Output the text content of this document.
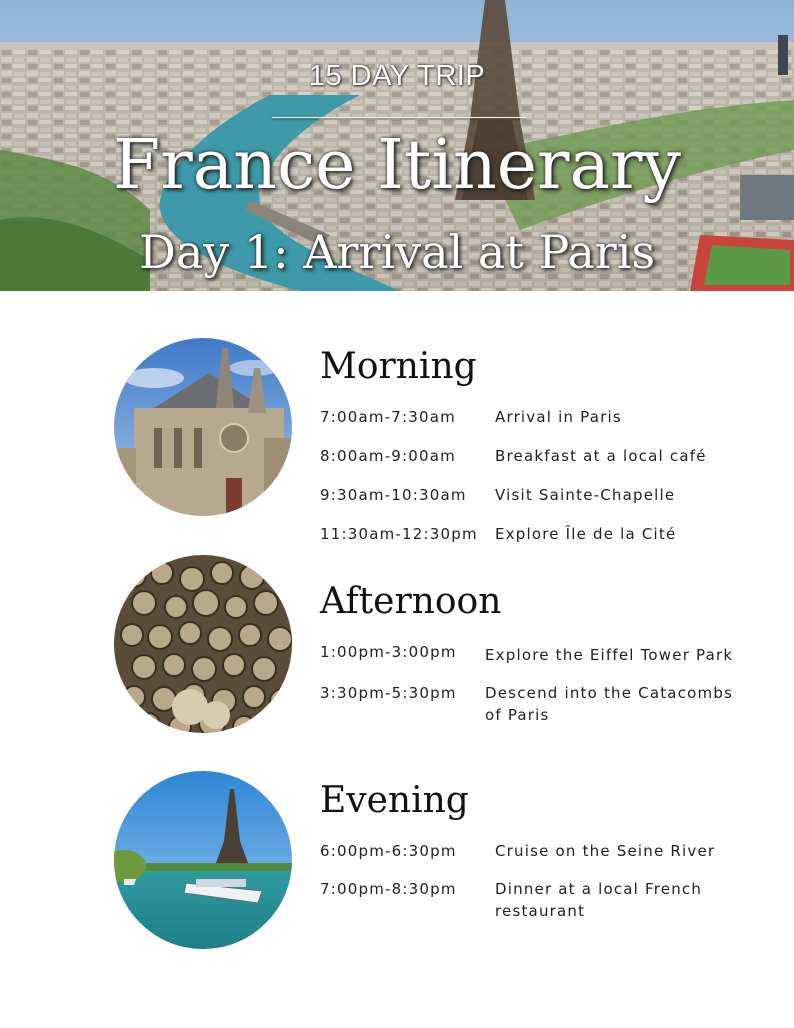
15 DAY TRIP
France Itinerary
Day 1: Arrival at Paris
Morning
7:00am-7:30am	Arrival in Paris
8:00am-9:00am	Breakfast at a local café
9:30am-10:30am Visit Sainte-Chapelle
11:30am-12:30pm Explore Île de la Cité
Afternoon
1:00pm-3:00pm Explore the Eiffel Tower Park
3:30pm-5:30pm Descend into the Catacombs
of Paris
Evening
6:00pm-6:30pm	Cruise on the Seine River
7:00pm-8:30pm	Dinner at a local French
restaurant
